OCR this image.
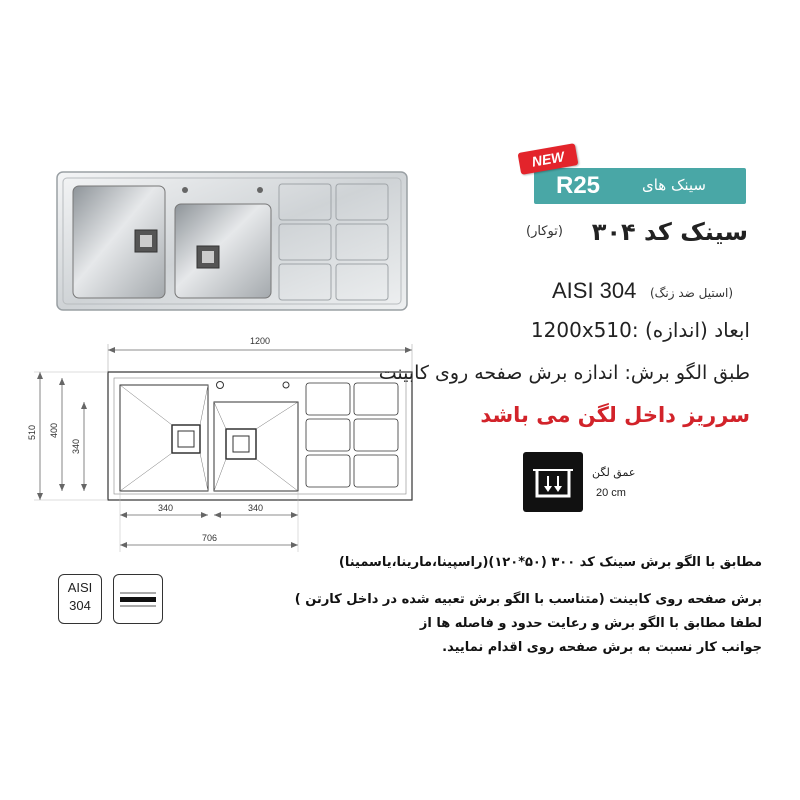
1200
510 400
340
340	340
706
R25	سینک های
NEW
سینک کد ۳۰۴
(توکار)
AISI 304 (استیل ضد زنگ)
ابعاد (اندازه) :1200x510
طبق الگو برش: اندازه برش صفحه روی کابینت
سرریز داخل لگن می باشد
عمق لگن
20 cm
مطابق با الگو برش سینک کد ۳۰۰ (۵۰*۱۲۰)(راسپینا،مارینا،یاسمینا)
برش صفحه روی کابینت (متناسب با الگو برش تعبیه شده در داخل کارتن )
لطفا مطابق با الگو برش و رعایت حدود و فاصله ها از
جوانب کار نسبت به برش صفحه روی اقدام نمایید.
AISI
304
